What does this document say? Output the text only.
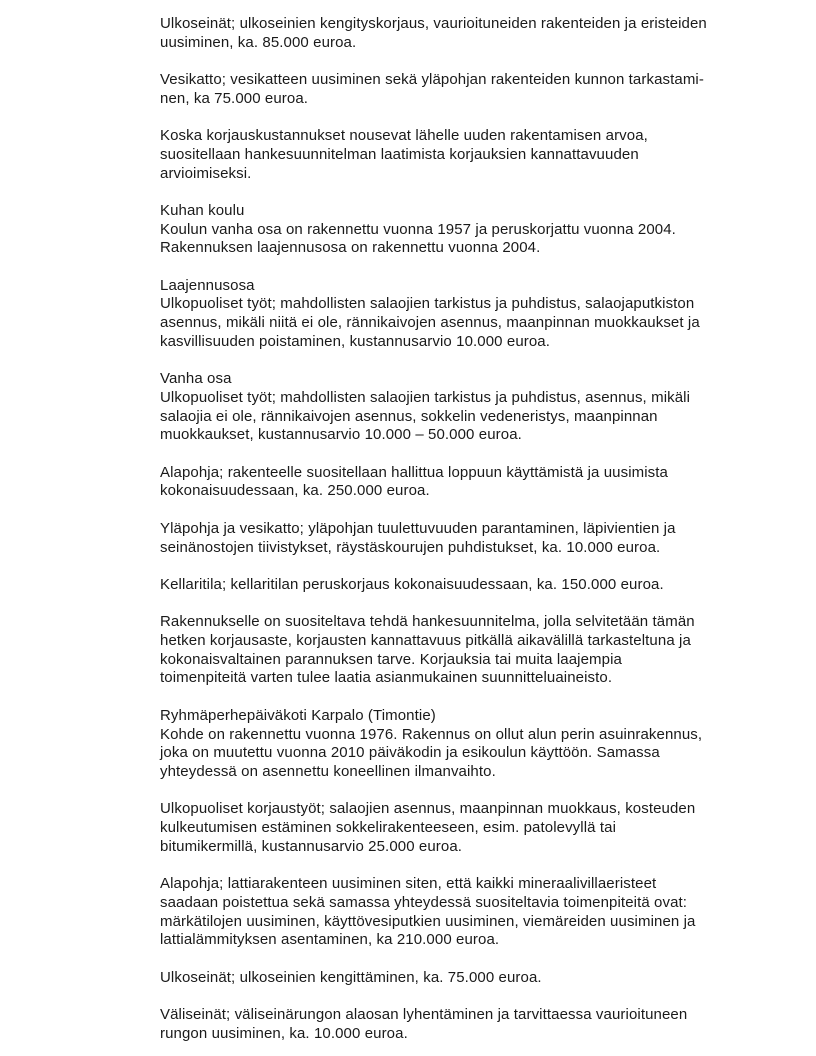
Ulkoseinät; ulkoseinien kengityskorjaus, vaurioituneiden rakenteiden ja eristeiden
uusiminen, ka. 85.000 euroa.

Vesikatto; vesikatteen uusiminen sekä yläpohjan rakenteiden kunnon tarkastami-
nen, ka 75.000 euroa.

Koska korjauskustannukset nousevat lähelle uuden rakentamisen arvoa,
suositellaan hankesuunnitelman laatimista korjauksien kannattavuuden
arvioimiseksi.

Kuhan koulu
Koulun vanha osa on rakennettu vuonna 1957 ja peruskorjattu vuonna 2004.
Rakennuksen laajennusosa on rakennettu vuonna 2004.

Laajennusosa
Ulkopuoliset työt; mahdollisten salaojien tarkistus ja puhdistus, salaojaputkiston
asennus, mikäli niitä ei ole, rännikaivojen asennus, maanpinnan muokkaukset ja
kasvillisuuden poistaminen, kustannusarvio 10.000 euroa.

Vanha osa
Ulkopuoliset työt; mahdollisten salaojien tarkistus ja puhdistus, asennus, mikäli
salaojia ei ole, rännikaivojen asennus, sokkelin vedeneristys, maanpinnan
muokkaukset, kustannusarvio 10.000 – 50.000 euroa.

Alapohja; rakenteelle suositellaan hallittua loppuun käyttämistä ja uusimista
kokonaisuudessaan, ka. 250.000 euroa.

Yläpohja ja vesikatto; yläpohjan tuulettuvuuden parantaminen, läpivientien ja
seinänostojen tiivistykset, räystäskourujen puhdistukset, ka. 10.000 euroa.

Kellaritila; kellaritilan peruskorjaus kokonaisuudessaan, ka. 150.000 euroa.

Rakennukselle on suositeltava tehdä hankesuunnitelma, jolla selvitetään tämän
hetken korjausaste, korjausten kannattavuus pitkällä aikavälillä tarkasteltuna ja
kokonaisvaltainen parannuksen tarve. Korjauksia tai muita laajempia
toimenpiteitä varten tulee laatia asianmukainen suunnitteluaineisto.

Ryhmäperhepäiväkoti Karpalo (Timontie)
Kohde on rakennettu vuonna 1976. Rakennus on ollut alun perin asuinrakennus,
joka on muutettu vuonna 2010 päiväkodin ja esikoulun käyttöön. Samassa
yhteydessä on asennettu koneellinen ilmanvaihto.

Ulkopuoliset korjaustyöt; salaojien asennus, maanpinnan muokkaus, kosteuden
kulkeutumisen estäminen sokkelirakenteeseen, esim. patolevyllä tai
bitumikermillä, kustannusarvio 25.000 euroa.

Alapohja; lattiarakenteen uusiminen siten, että kaikki mineraalivillaeristeet
saadaan poistettua sekä samassa yhteydessä suositeltavia toimenpiteitä ovat:
märkätilojen uusiminen, käyttövesiputkien uusiminen, viemäreiden uusiminen ja
lattialämmityksen asentaminen, ka 210.000 euroa.

Ulkoseinät; ulkoseinien kengittäminen, ka. 75.000 euroa.

Väliseinät; väliseinärungon alaosan lyhentäminen ja tarvittaessa vaurioituneen
rungon uusiminen, ka. 10.000 euroa.
